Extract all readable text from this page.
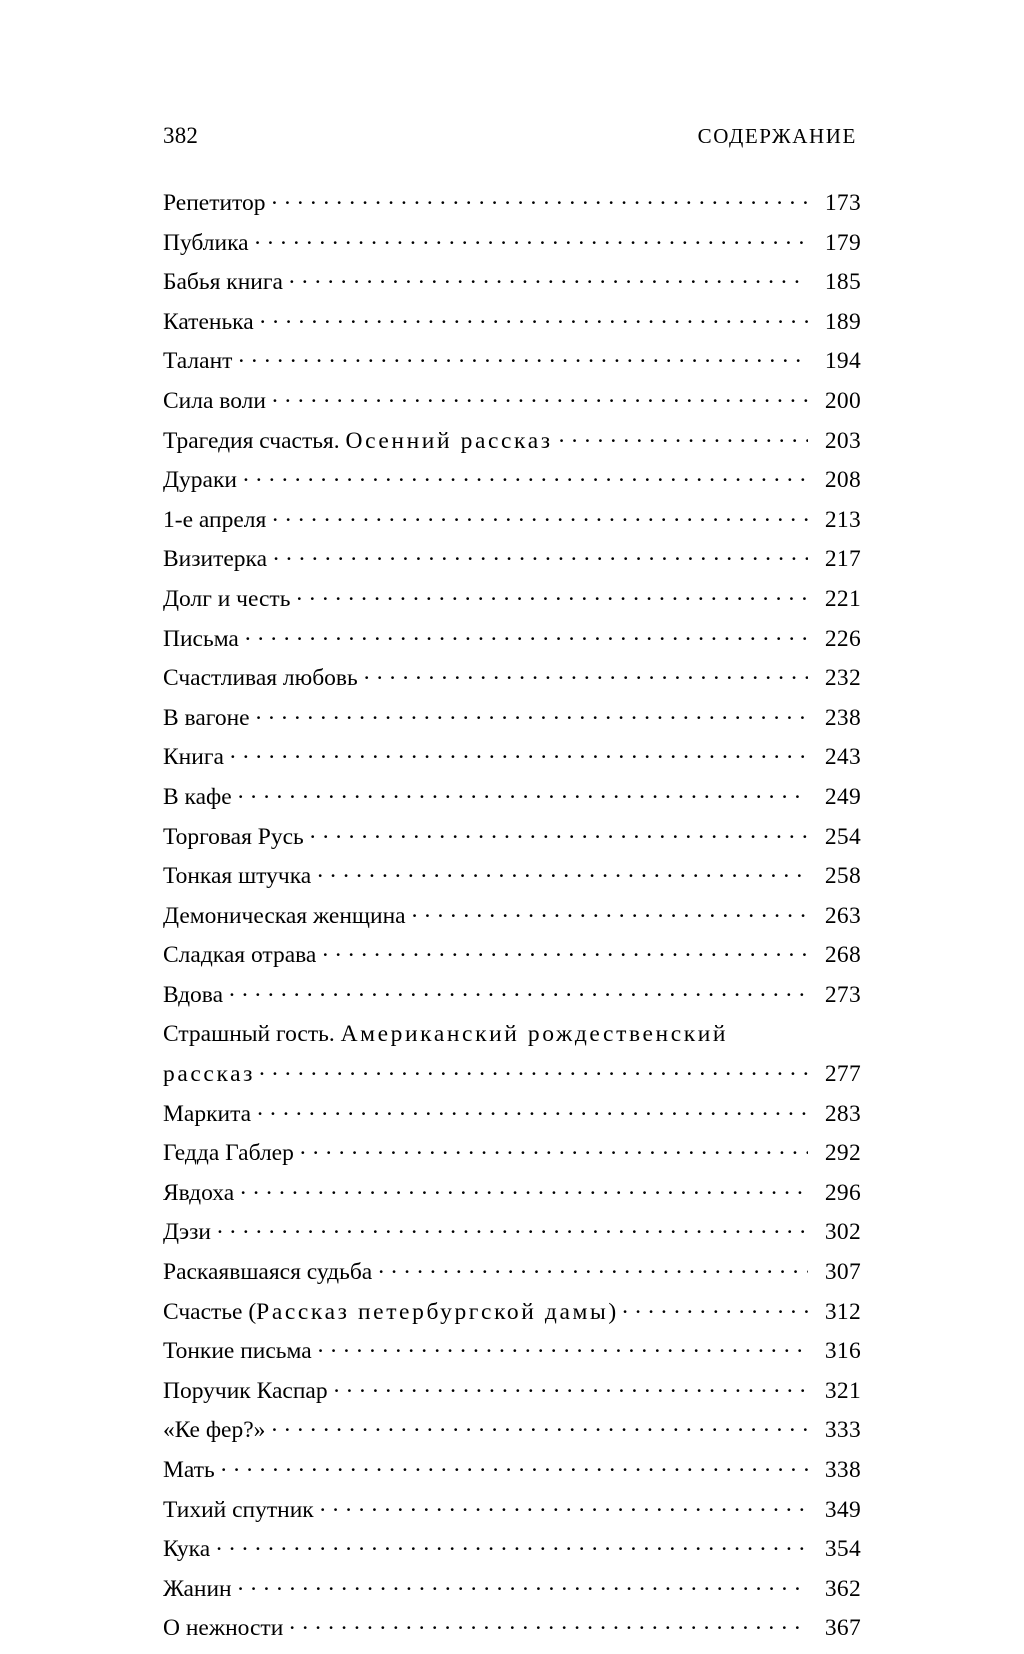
382	СОДЕРЖАНИЕ
Репетитор . . .	173
Публика . . .	179
Бабья книга . . .	185
Катенька . . .	189
Талант . . .	194
Сила воли . . .	200
Трагедия счастья. Осенний рассказ . . .	203
Дураки . . .	208
1-е апреля . . .	213
Визитерка . . .	217
Долг и честь . . .	221
Письма . . .	226
Счастливая любовь . . .	232
В вагоне . . .	238
Книга . . .	243
В кафе . . .	249
Торговая Русь . . .	254
Тонкая штучка . . .	258
Демоническая женщина . . .	263
Сладкая отрава . . .	268
Вдова . . .	273
Страшный гость. Американский рождественский
рассказ . . .	277
Маркита . . .	283
Гедда Габлер . . .	292
Явдоха . . .	296
Дэзи . . .	302
Раскаявшаяся судьба . . .	307
Счастье (Рассказ петербургской дамы) . . .	312
Тонкие письма . . .	316
Поручик Каспар . . .	321
«Ке фер?» . . .	333
Мать . . .	338
Тихий спутник . . .	349
Кука . . .	354
Жанин . . .	362
О нежности . . .	367
